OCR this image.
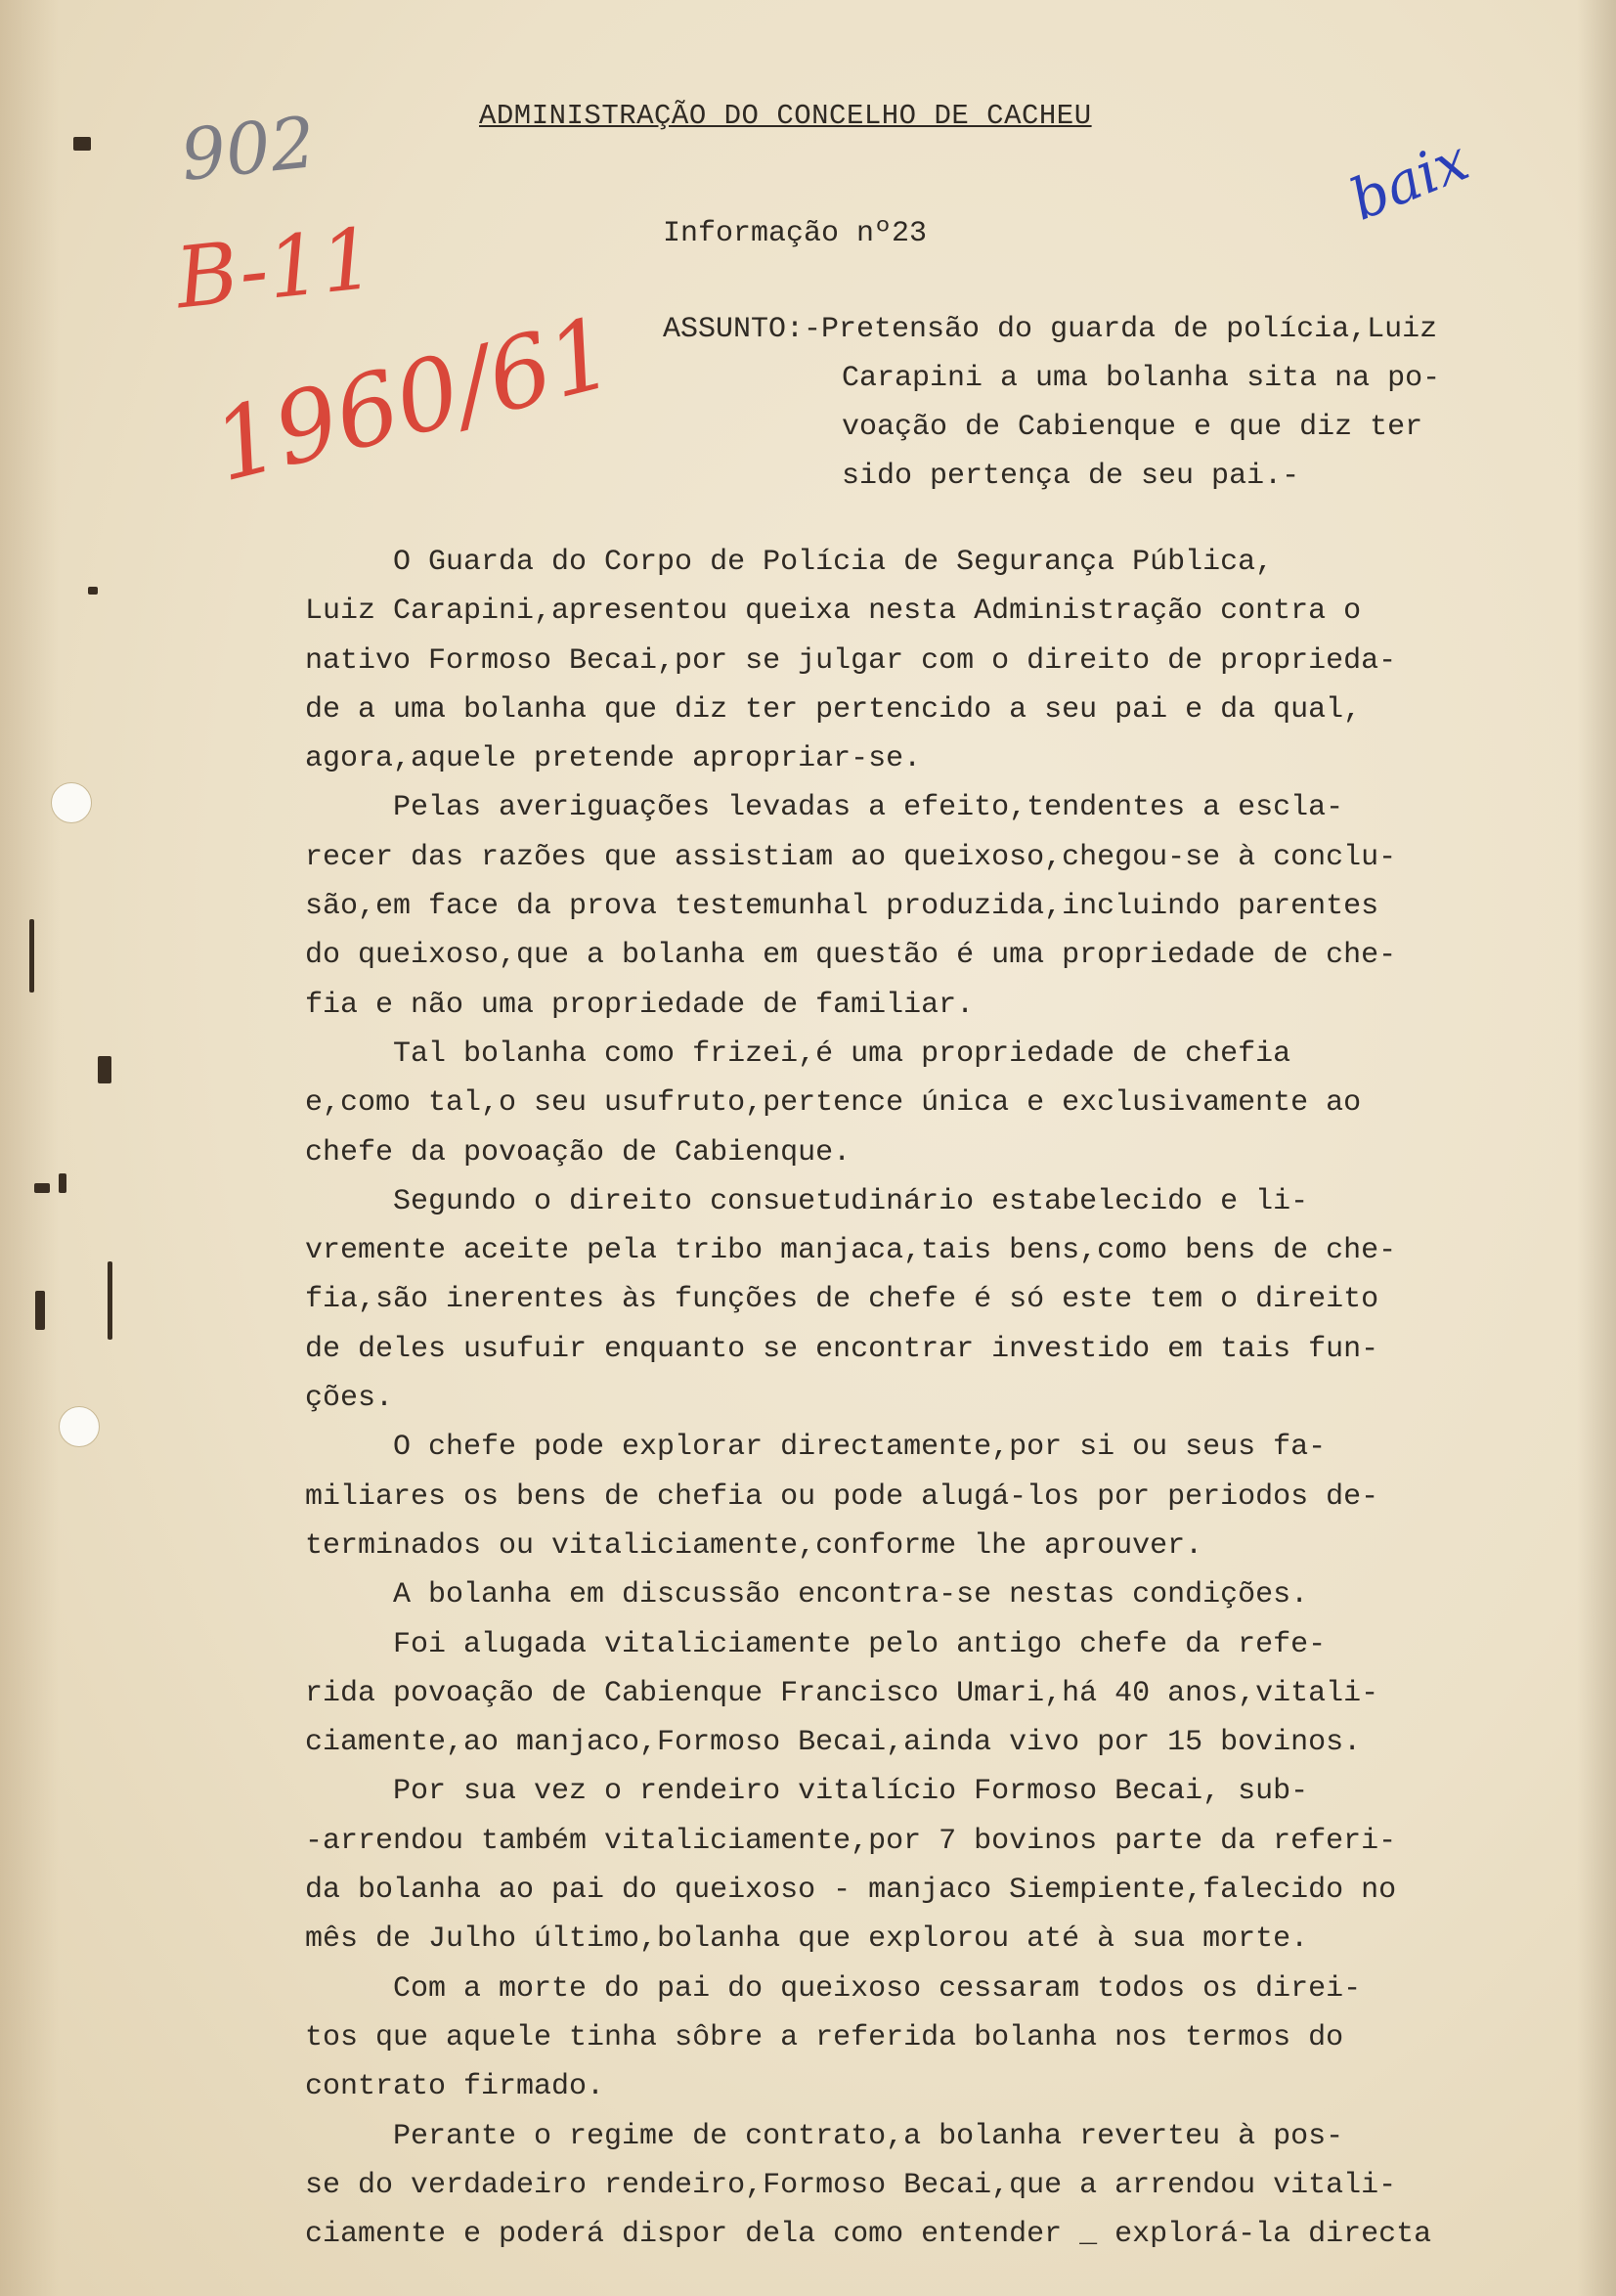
902
B-11
1960/61
baix
ADMINISTRAÇÃO DO CONCELHO DE CACHEU
Informação nº23
ASSUNTO:-Pretensão do guarda de polícia,Luiz
Carapini a uma bolanha sita na po-
voação de Cabienque e que diz ter
sido pertença de seu pai.-
O Guarda do Corpo de Polícia de Segurança Pública,
Luiz Carapini,apresentou queixa nesta Administração contra o
nativo Formoso Becai,por se julgar com o direito de proprieda-
de a uma bolanha que diz ter pertencido a seu pai e da qual,
agora,aquele pretende apropriar-se.
Pelas averiguações levadas a efeito,tendentes a escla-
recer das razões que assistiam ao queixoso,chegou-se à conclu-
são,em face da prova testemunhal produzida,incluindo parentes
do queixoso,que a bolanha em questão é uma propriedade de che-
fia e não uma propriedade de familiar.
Tal bolanha como frizei,é uma propriedade de chefia
e,como tal,o seu usufruto,pertence única e exclusivamente ao
chefe da povoação de Cabienque.
Segundo o direito consuetudinário estabelecido e li-
vremente aceite pela tribo manjaca,tais bens,como bens de che-
fia,são inerentes às funções de chefe é só este tem o direito
de deles usufuir enquanto se encontrar investido em tais fun-
ções.
O chefe pode explorar directamente,por si ou seus fa-
miliares os bens de chefia ou pode alugá-los por periodos de-
terminados ou vitaliciamente,conforme lhe aprouver.
A bolanha em discussão encontra-se nestas condições.
Foi alugada vitaliciamente pelo antigo chefe da refe-
rida povoação de Cabienque Francisco Umari,há 40 anos,vitali-
ciamente,ao manjaco,Formoso Becai,ainda vivo por 15 bovinos.
Por sua vez o rendeiro vitalício Formoso Becai, sub-
-arrendou também vitaliciamente,por 7 bovinos parte da referi-
da bolanha ao pai do queixoso - manjaco Siempiente,falecido no
mês de Julho último,bolanha que explorou até à sua morte.
Com a morte do pai do queixoso cessaram todos os direi-
tos que aquele tinha sôbre a referida bolanha nos termos do
contrato firmado.
Perante o regime de contrato,a bolanha reverteu à pos-
se do verdadeiro rendeiro,Formoso Becai,que a arrendou vitali-
ciamente e poderá dispor dela como entender _ explorá-la directa
